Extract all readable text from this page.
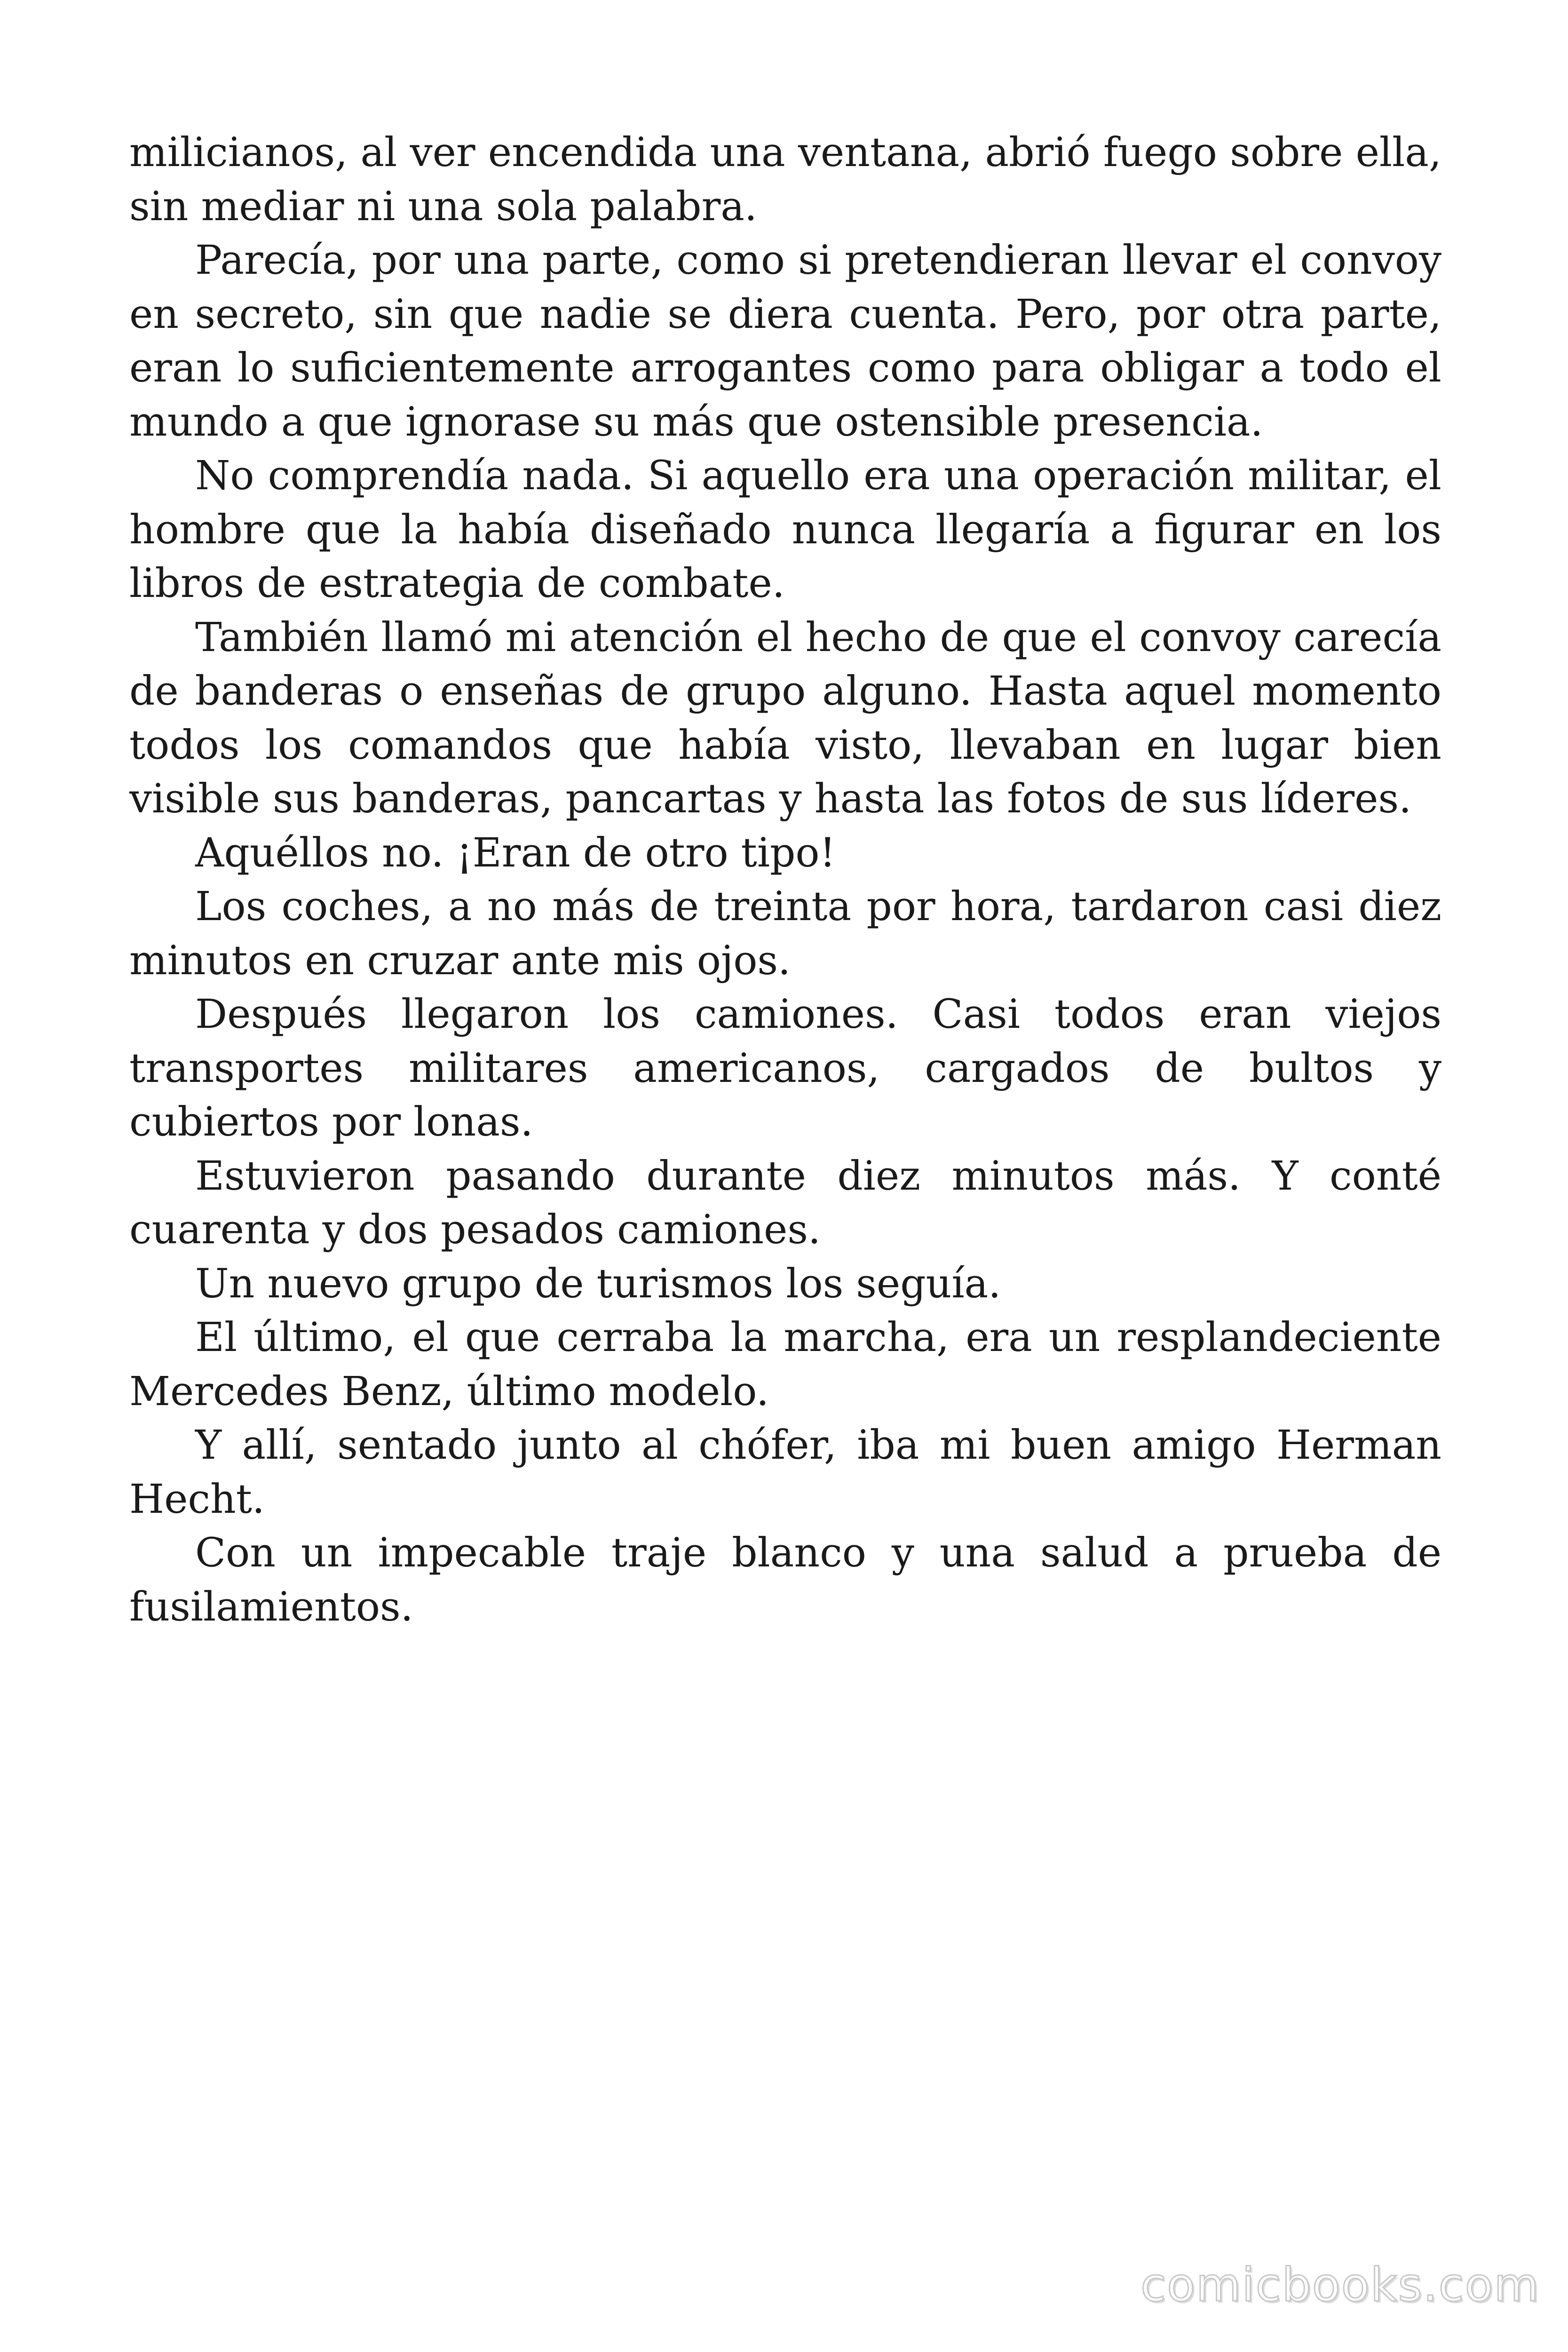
milicianos, al ver encendida una ventana, abrió fuego sobre ella, sin mediar ni una sola palabra.

Parecía, por una parte, como si pretendieran llevar el convoy en secreto, sin que nadie se diera cuenta. Pero, por otra parte, eran lo suficientemente arrogantes como para obligar a todo el mundo a que ignorase su más que ostensible presencia.

No comprendía nada. Si aquello era una operación militar, el hombre que la había diseñado nunca llegaría a figurar en los libros de estrategia de combate.

También llamó mi atención el hecho de que el convoy carecía de banderas o enseñas de grupo alguno. Hasta aquel momento todos los comandos que había visto, llevaban en lugar bien visible sus banderas, pancartas y hasta las fotos de sus líderes.

Aquéllos no. ¡Eran de otro tipo!

Los coches, a no más de treinta por hora, tardaron casi diez minutos en cruzar ante mis ojos.

Después llegaron los camiones. Casi todos eran viejos transportes militares americanos, cargados de bultos y cubiertos por lonas.

Estuvieron pasando durante diez minutos más. Y conté cuarenta y dos pesados camiones.

Un nuevo grupo de turismos los seguía.

El último, el que cerraba la marcha, era un resplandeciente Mercedes Benz, último modelo.

Y allí, sentado junto al chófer, iba mi buen amigo Herman Hecht.

Con un impecable traje blanco y una salud a prueba de fusilamientos.

comicbooks.com
